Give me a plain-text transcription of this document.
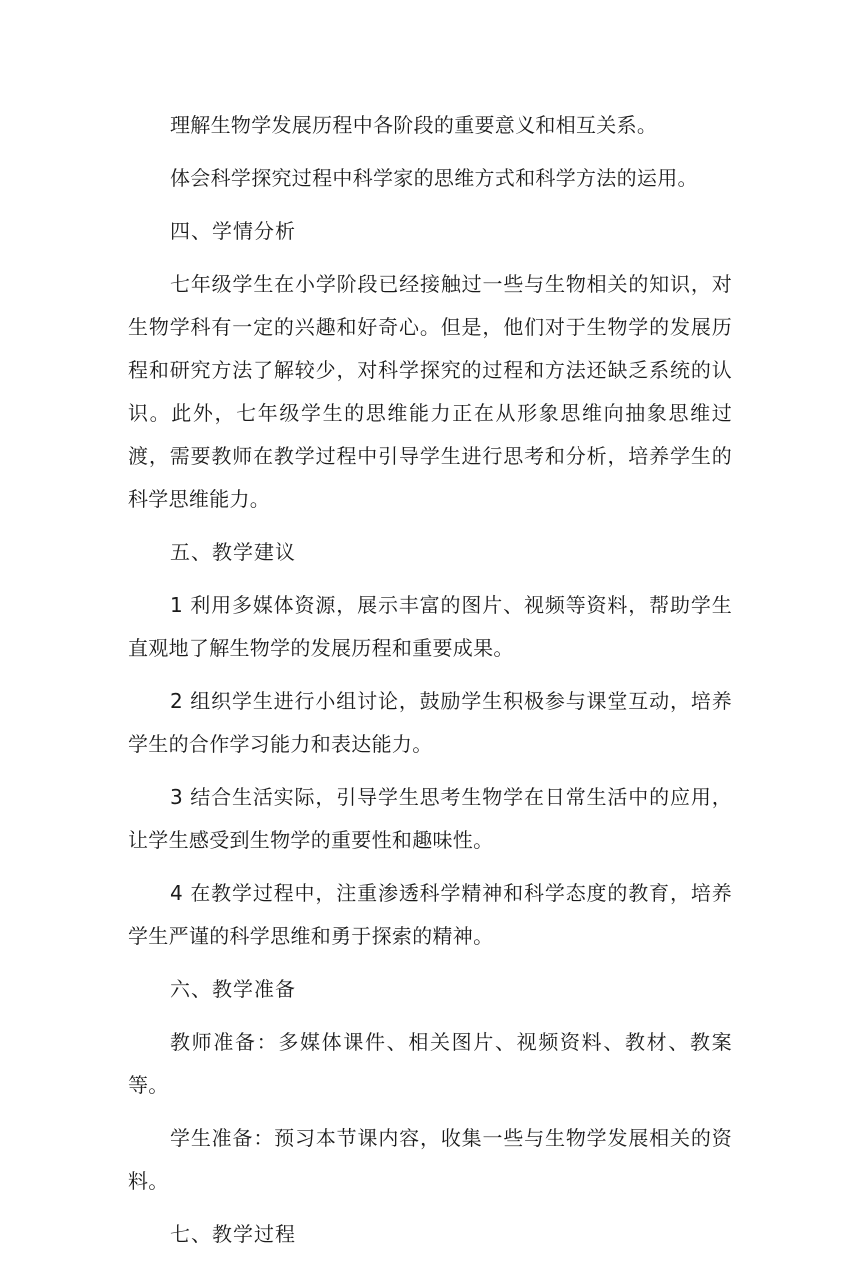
理解生物学发展历程中各阶段的重要意义和相互关系。

体会科学探究过程中科学家的思维方式和科学方法的运用。

四、学情分析

七年级学生在小学阶段已经接触过一些与生物相关的知识，对生物学科有一定的兴趣和好奇心。但是，他们对于生物学的发展历程和研究方法了解较少，对科学探究的过程和方法还缺乏系统的认识。此外，七年级学生的思维能力正在从形象思维向抽象思维过渡，需要教师在教学过程中引导学生进行思考和分析，培养学生的科学思维能力。

五、教学建议

1 利用多媒体资源，展示丰富的图片、视频等资料，帮助学生直观地了解生物学的发展历程和重要成果。

2 组织学生进行小组讨论，鼓励学生积极参与课堂互动，培养学生的合作学习能力和表达能力。

3 结合生活实际，引导学生思考生物学在日常生活中的应用，让学生感受到生物学的重要性和趣味性。

4 在教学过程中，注重渗透科学精神和科学态度的教育，培养学生严谨的科学思维和勇于探索的精神。

六、教学准备

教师准备：多媒体课件、相关图片、视频资料、教材、教案等。

学生准备：预习本节课内容，收集一些与生物学发展相关的资料。

七、教学过程
